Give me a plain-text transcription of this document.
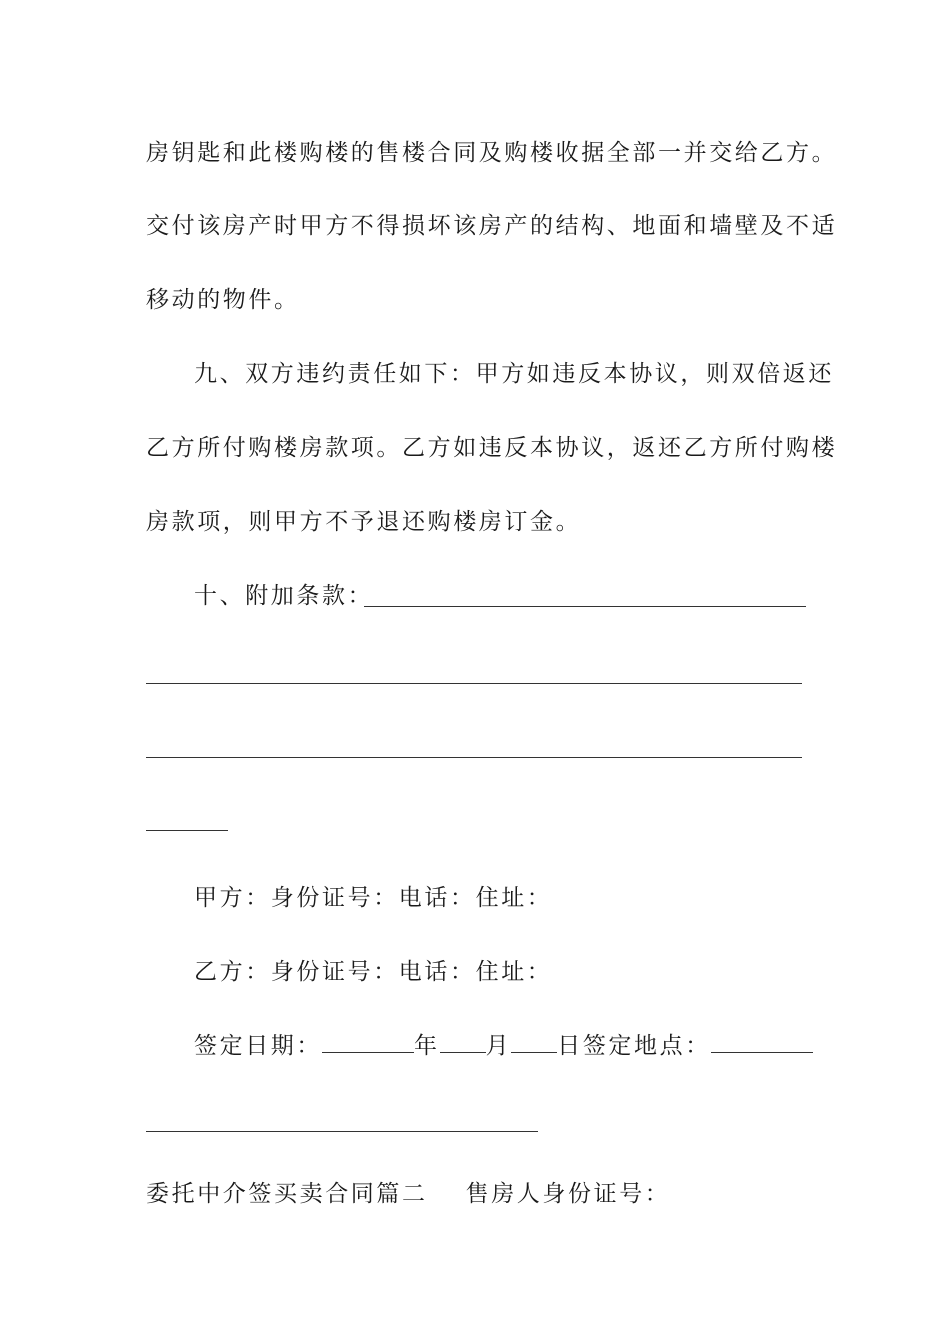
房钥匙和此楼购楼的售楼合同及购楼收据全部一并交给乙方。
交付该房产时甲方不得损坏该房产的结构、地面和墙壁及不适
移动的物件。
九、双方违约责任如下：甲方如违反本协议，则双倍返还
乙方所付购楼房款项。乙方如违反本协议，返还乙方所付购楼
房款项，则甲方不予退还购楼房订金。
十、附加条款：
甲方：身份证号：电话：住址：
乙方：身份证号：电话：住址：
签定日期：	年 月 日签定地点：
委托中介签买卖合同篇二 售房人身份证号：
